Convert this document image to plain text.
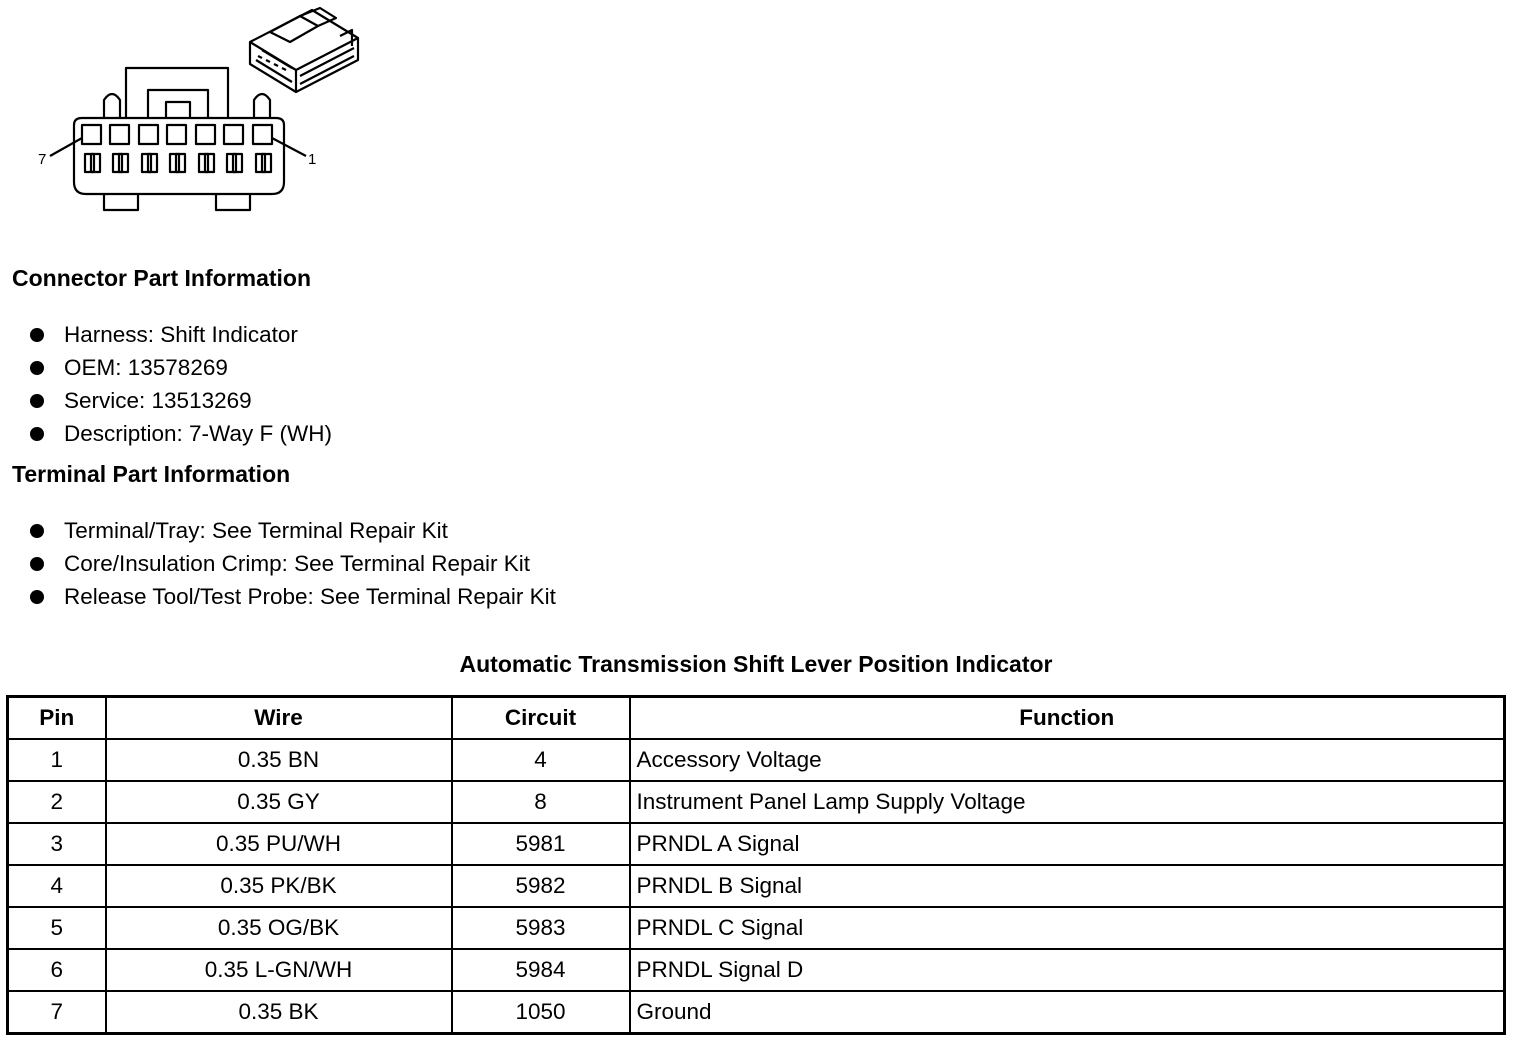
7	1
Connector Part Information
Harness: Shift Indicator
OEM: 13578269
Service: 13513269
Description: 7-Way F (WH)
Terminal Part Information
Terminal/Tray: See Terminal Repair Kit
Core/Insulation Crimp: See Terminal Repair Kit
Release Tool/Test Probe: See Terminal Repair Kit
Automatic Transmission Shift Lever Position Indicator
Pin	Wire	Circuit	Function
1	0.35 BN	4	Accessory Voltage
2	0.35 GY	8	Instrument Panel Lamp Supply Voltage
3	0.35 PU/WH	5981	PRNDL A Signal
4	0.35 PK/BK	5982	PRNDL B Signal
5	0.35 OG/BK	5983	PRNDL C Signal
6	0.35 L-GN/WH	5984	PRNDL Signal D
7	0.35 BK	1050	Ground
